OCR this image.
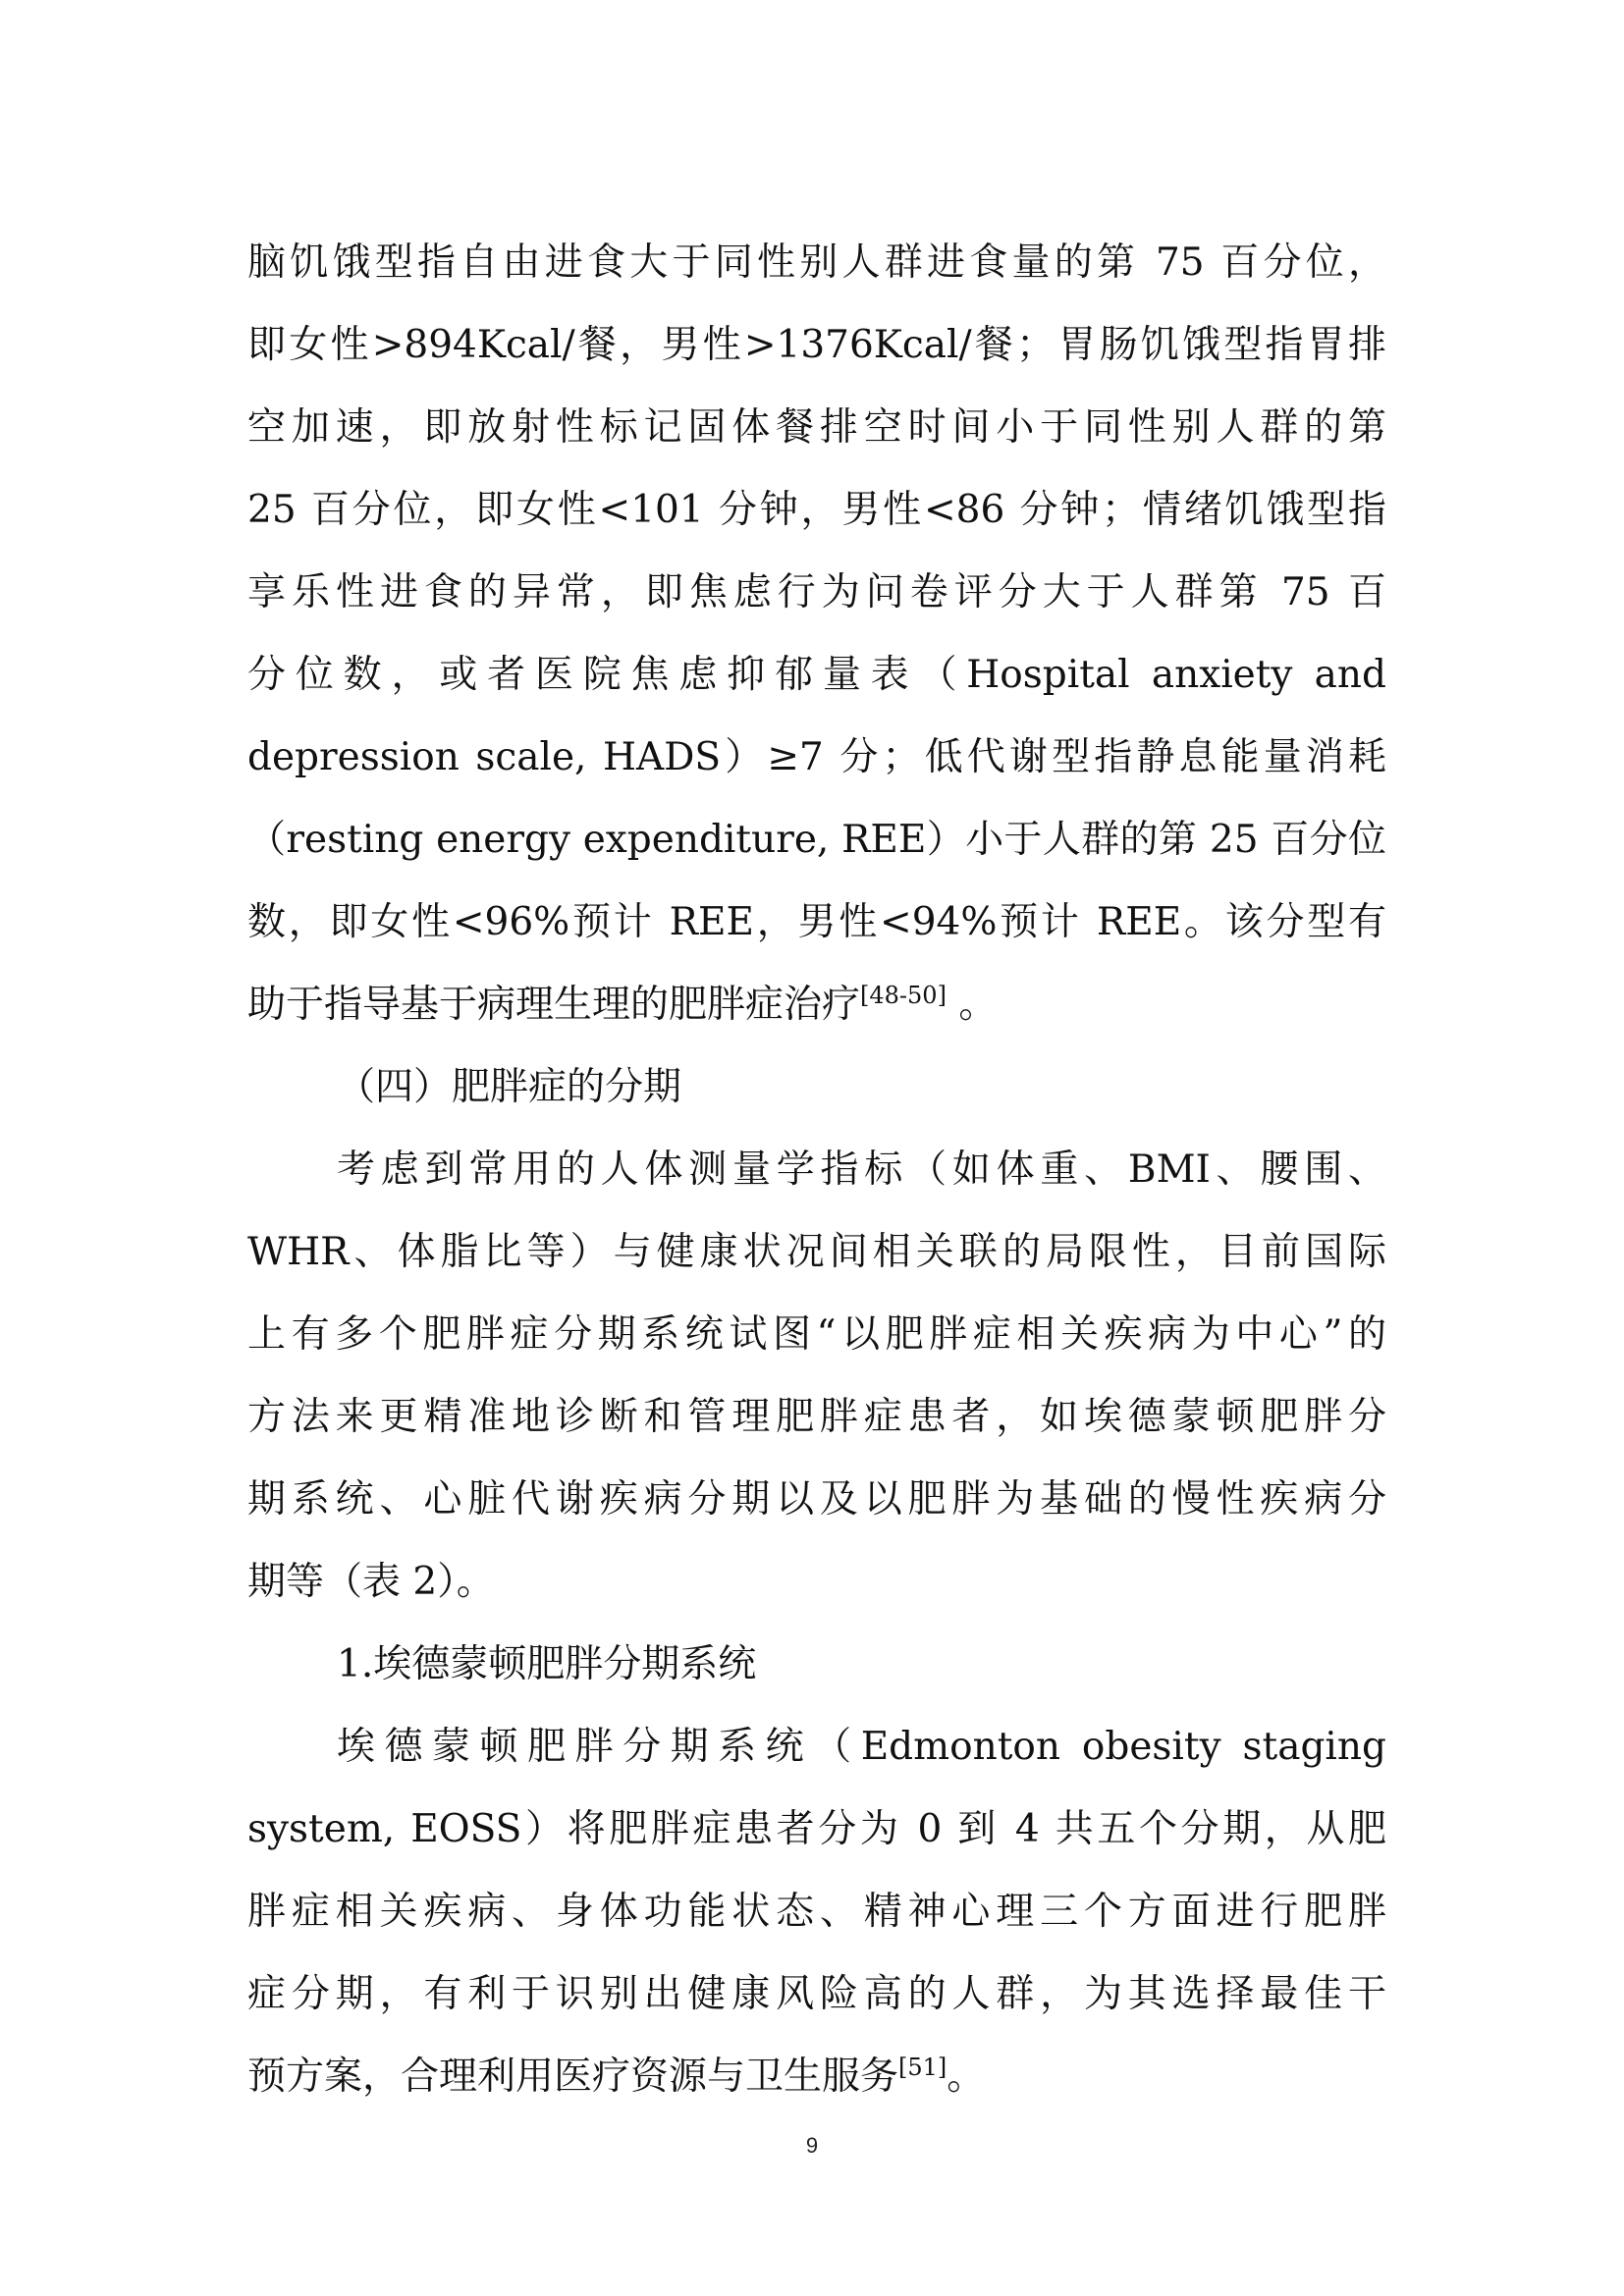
脑饥饿型指自由进食大于同性别人群进食量的第 75 百分位，
即女性>894Kcal/餐，男性>1376Kcal/餐；胃肠饥饿型指胃排
空加速，即放射性标记固体餐排空时间小于同性别人群的第
25 百分位，即女性<101 分钟，男性<86 分钟；情绪饥饿型指
享乐性进食的异常，即焦虑行为问卷评分大于人群第 75 百
分位数，或者医院焦虑抑郁量表（Hospital anxiety and
depression scale, HADS）≥7 分；低代谢型指静息能量消耗
（resting energy expenditure, REE）小于人群的第 25 百分位
数，即女性<96%预计 REE，男性<94%预计 REE。该分型有
助于指导基于病理生理的肥胖症治疗[48-50] 。
（四）肥胖症的分期
考虑到常用的人体测量学指标（如体重、BMI、腰围、
WHR、体脂比等）与健康状况间相关联的局限性，目前国际
上有多个肥胖症分期系统试图“以肥胖症相关疾病为中心”的
方法来更精准地诊断和管理肥胖症患者，如埃德蒙顿肥胖分
期系统、心脏代谢疾病分期以及以肥胖为基础的慢性疾病分
期等（表 2）。
1.埃德蒙顿肥胖分期系统
埃德蒙顿肥胖分期系统（Edmonton obesity staging
system, EOSS）将肥胖症患者分为 0 到 4 共五个分期，从肥
胖症相关疾病、身体功能状态、精神心理三个方面进行肥胖
症分期，有利于识别出健康风险高的人群，为其选择最佳干
预方案，合理利用医疗资源与卫生服务[51]。
9
